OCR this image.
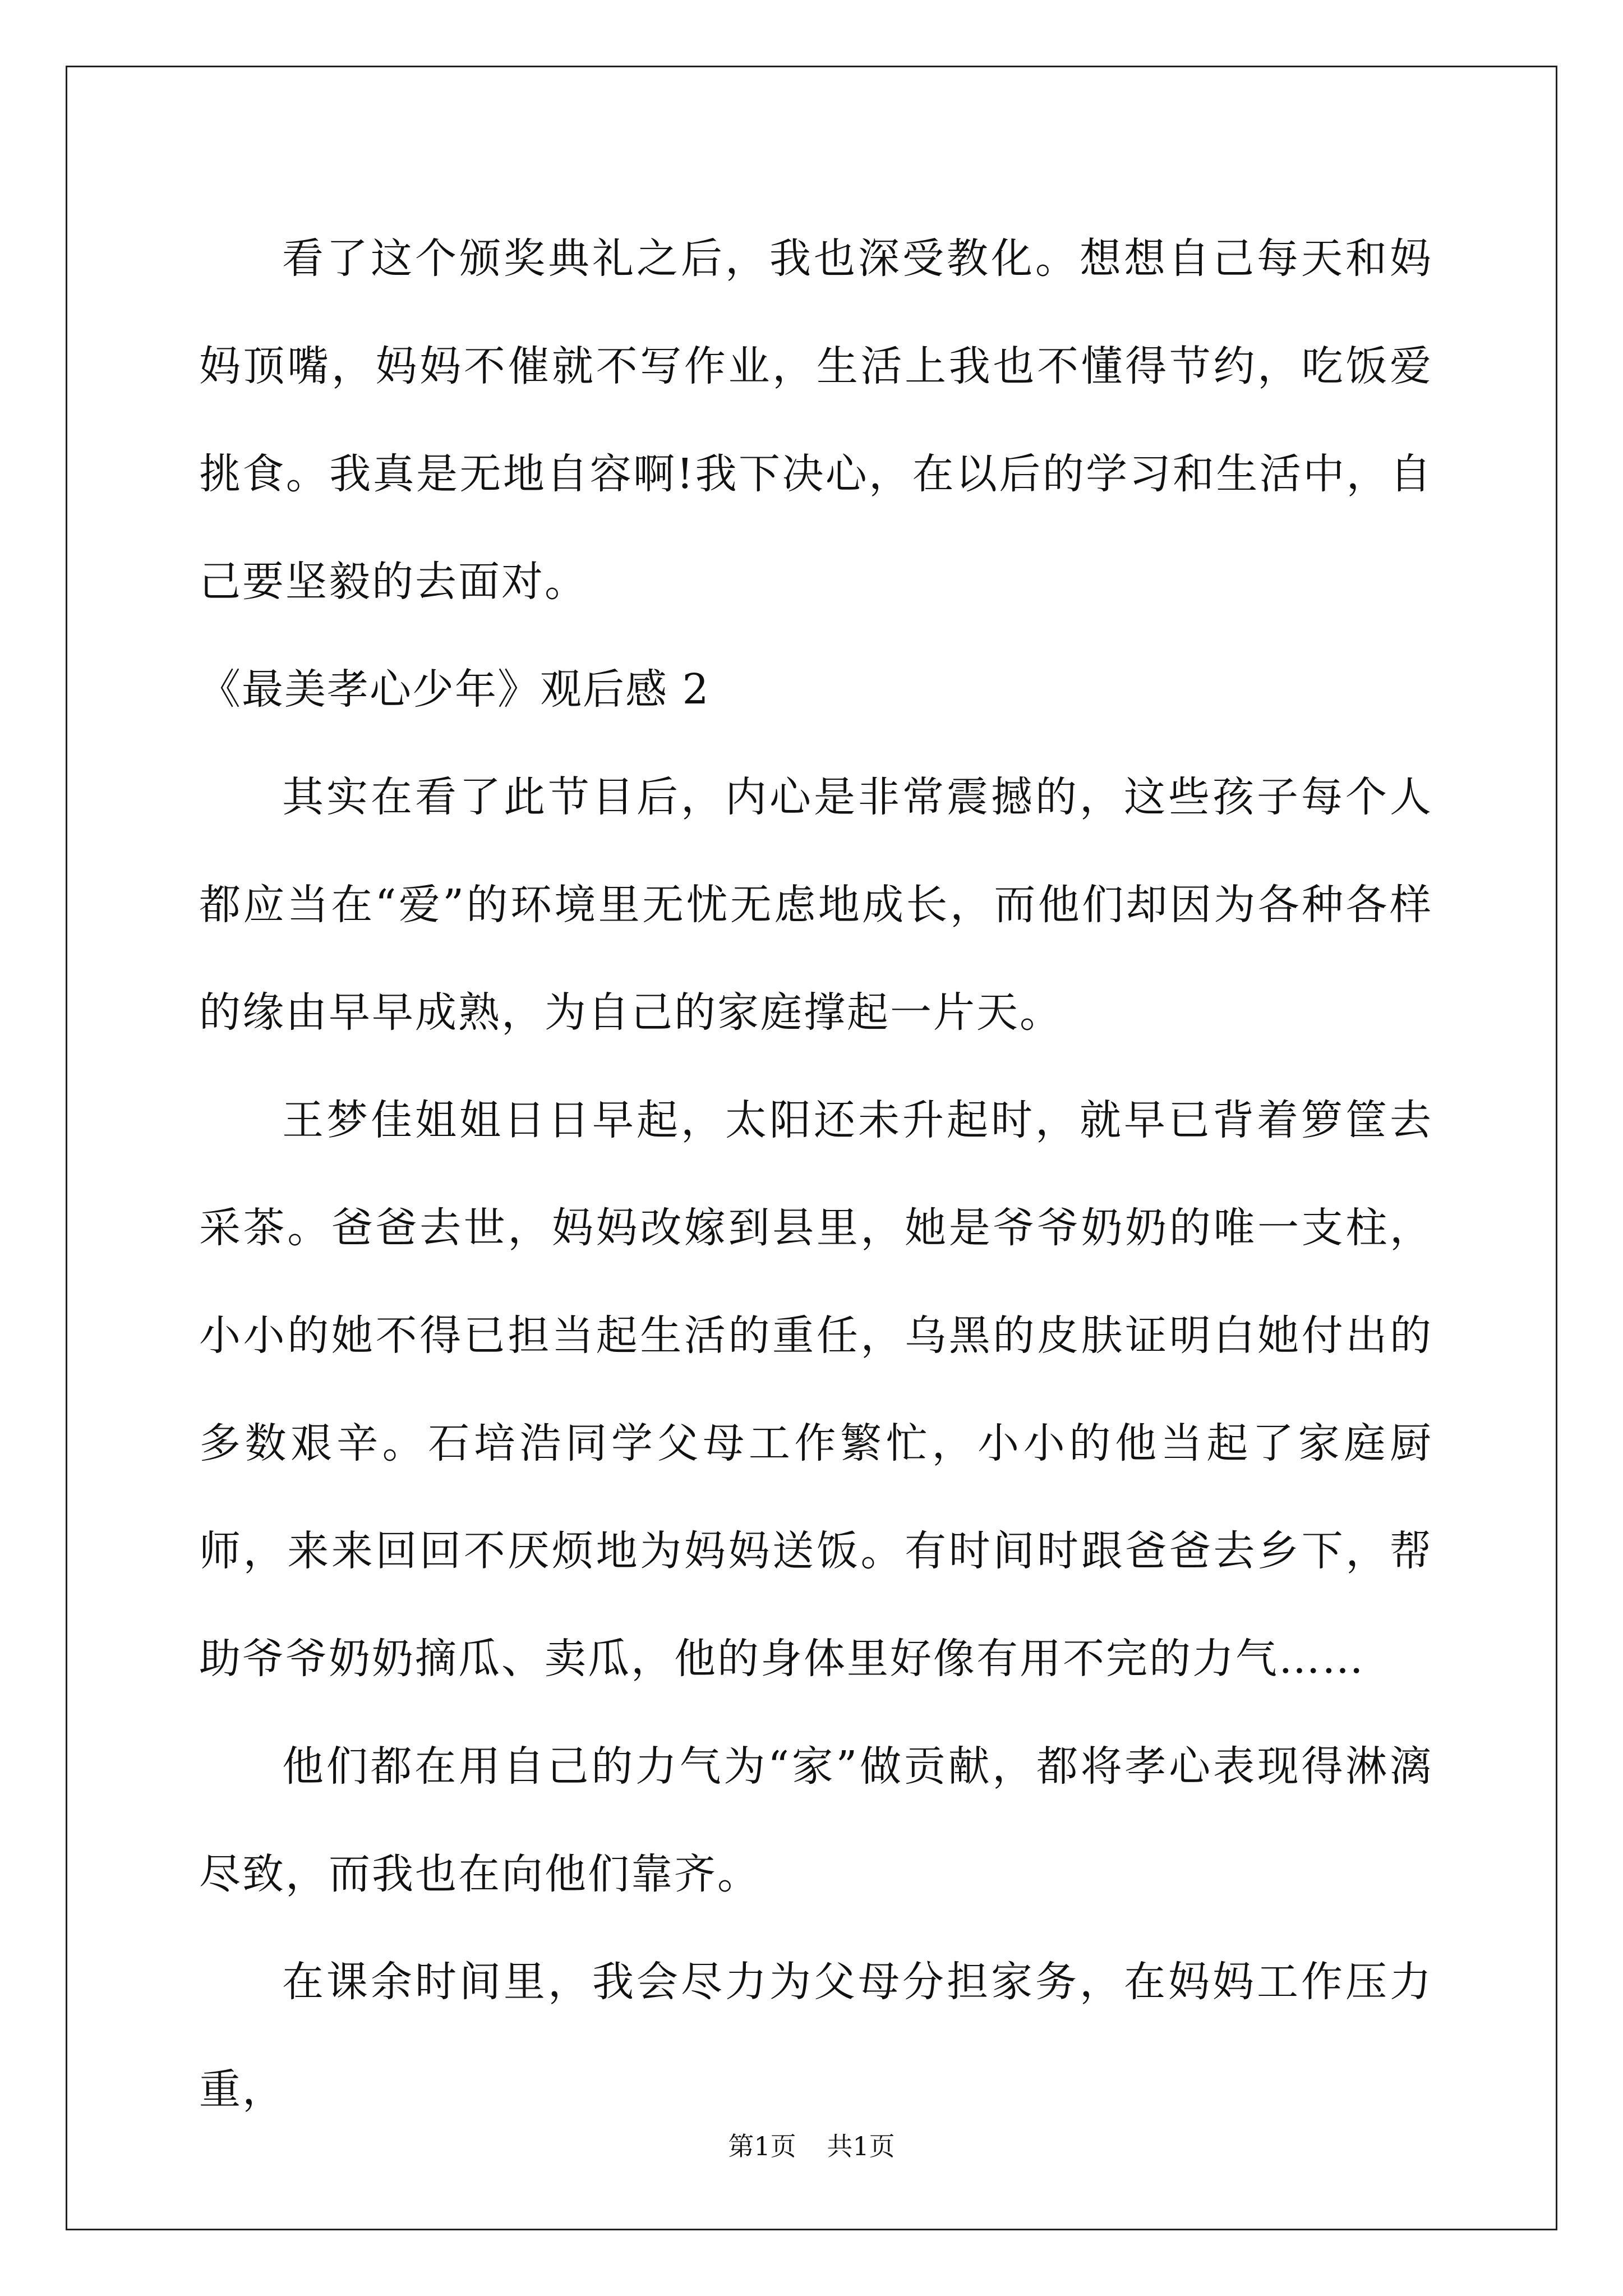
看了这个颁奖典礼之后，我也深受教化。想想自己每天和妈妈顶嘴，妈妈不催就不写作业，生活上我也不懂得节约，吃饭爱挑食。我真是无地自容啊!我下决心，在以后的学习和生活中，自己要坚毅的去面对。

《最美孝心少年》观后感 2

其实在看了此节目后，内心是非常震撼的，这些孩子每个人都应当在“爱”的环境里无忧无虑地成长，而他们却因为各种各样的缘由早早成熟，为自己的家庭撑起一片天。

王梦佳姐姐日日早起，太阳还未升起时，就早已背着箩筐去采茶。爸爸去世，妈妈改嫁到县里，她是爷爷奶奶的唯一支柱，小小的她不得已担当起生活的重任，乌黑的皮肤证明白她付出的多数艰辛。石培浩同学父母工作繁忙，小小的他当起了家庭厨师，来来回回不厌烦地为妈妈送饭。有时间时跟爸爸去乡下，帮助爷爷奶奶摘瓜、卖瓜，他的身体里好像有用不完的力气……

他们都在用自己的力气为“家”做贡献，都将孝心表现得淋漓尽致，而我也在向他们靠齐。

在课余时间里，我会尽力为父母分担家务，在妈妈工作压力重，

第1页 共1页
